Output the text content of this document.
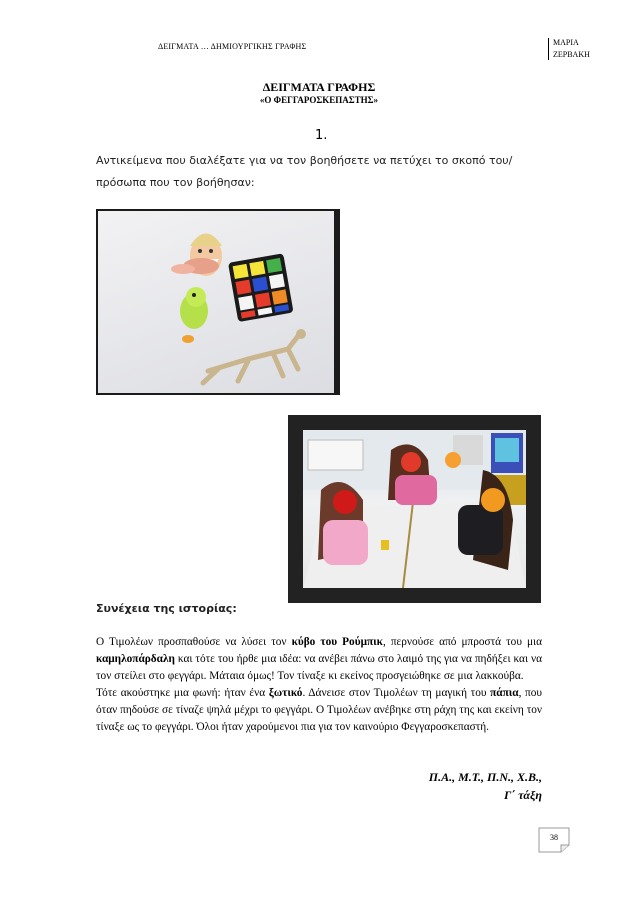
ΔΕΙΓΜΑΤΑ … ΔΗΜΙΟΥΡΓΙΚΗΣ ΓΡΑΦΗΣ	ΜΑΡΙΑ
ΖΕΡΒΑΚΗ
ΔΕΙΓΜΑΤΑ ΓΡΑΦΗΣ
«Ο ΦΕΓΓΑΡΟΣΚΕΠΑΣΤΗΣ»
1.
Αντικείμενα που διαλέξατε για να τον βοηθήσετε να πετύχει το σκοπό του/
πρόσωπα που τον βοήθησαν:
Συνέχεια της ιστορίας:

Ο Τιμολέων προσπαθούσε να λύσει τον κύβο του Ρούμπικ, περνούσε από μπροστά του μια καμηλοπάρδαλη και τότε του ήρθε μια ιδέα: να ανέβει πάνω στο λαιμό της για να πηδήξει και να τον στείλει στο φεγγάρι. Μάταια όμως! Τον τίναξε κι εκείνος προσγειώθηκε σε μια λακκούβα.

Τότε ακούστηκε μια φωνή: ήταν ένα ξωτικό. Δάνεισε στον Τιμολέων τη μαγική του πάπια, που όταν πηδούσε σε τίναζε ψηλά μέχρι το φεγγάρι. Ο Τιμολέων ανέβηκε στη ράχη της και εκείνη τον τίναξε ως το φεγγάρι. Όλοι ήταν χαρούμενοι πια για τον καινούριο Φεγγαροσκεπαστή.

Π.Α., Μ.Τ., Π.Ν., Χ.Β.,
Γ΄ τάξη
38
